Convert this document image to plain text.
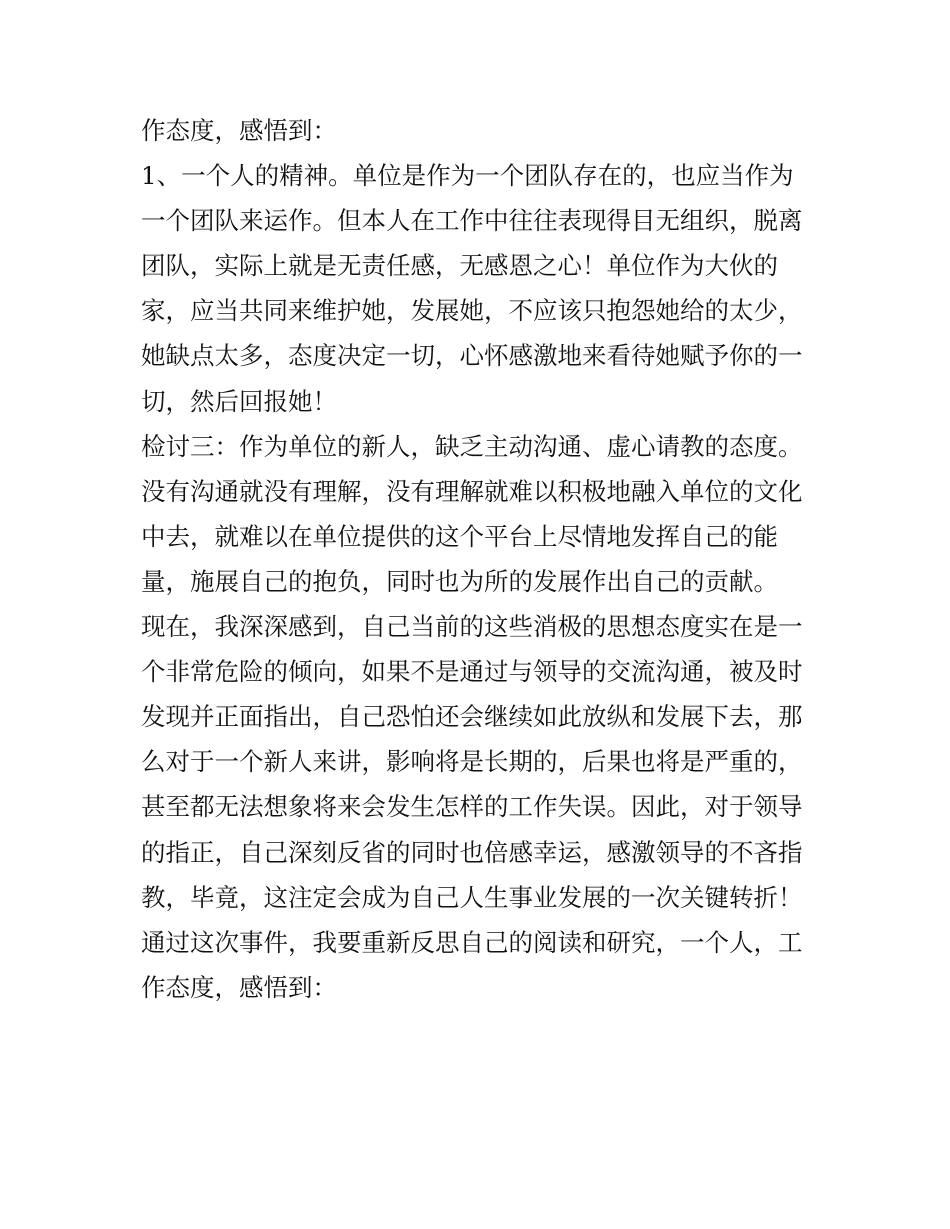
作态度，感悟到：
1、一个人的精神。单位是作为一个团队存在的，也应当作为
一个团队来运作。但本人在工作中往往表现得目无组织，脱离
团队，实际上就是无责任感，无感恩之心！单位作为大伙的
家，应当共同来维护她，发展她，不应该只抱怨她给的太少，
她缺点太多，态度决定一切，心怀感激地来看待她赋予你的一
切，然后回报她！
检讨三：作为单位的新人，缺乏主动沟通、虚心请教的态度。
没有沟通就没有理解，没有理解就难以积极地融入单位的文化
中去，就难以在单位提供的这个平台上尽情地发挥自己的能
量，施展自己的抱负，同时也为所的发展作出自己的贡献。
现在，我深深感到，自己当前的这些消极的思想态度实在是一
个非常危险的倾向，如果不是通过与领导的交流沟通，被及时
发现并正面指出，自己恐怕还会继续如此放纵和发展下去，那
么对于一个新人来讲，影响将是长期的，后果也将是严重的，
甚至都无法想象将来会发生怎样的工作失误。因此，对于领导
的指正，自己深刻反省的同时也倍感幸运，感激领导的不吝指
教，毕竟，这注定会成为自己人生事业发展的一次关键转折！
通过这次事件，我要重新反思自己的阅读和研究，一个人，工
作态度，感悟到：
